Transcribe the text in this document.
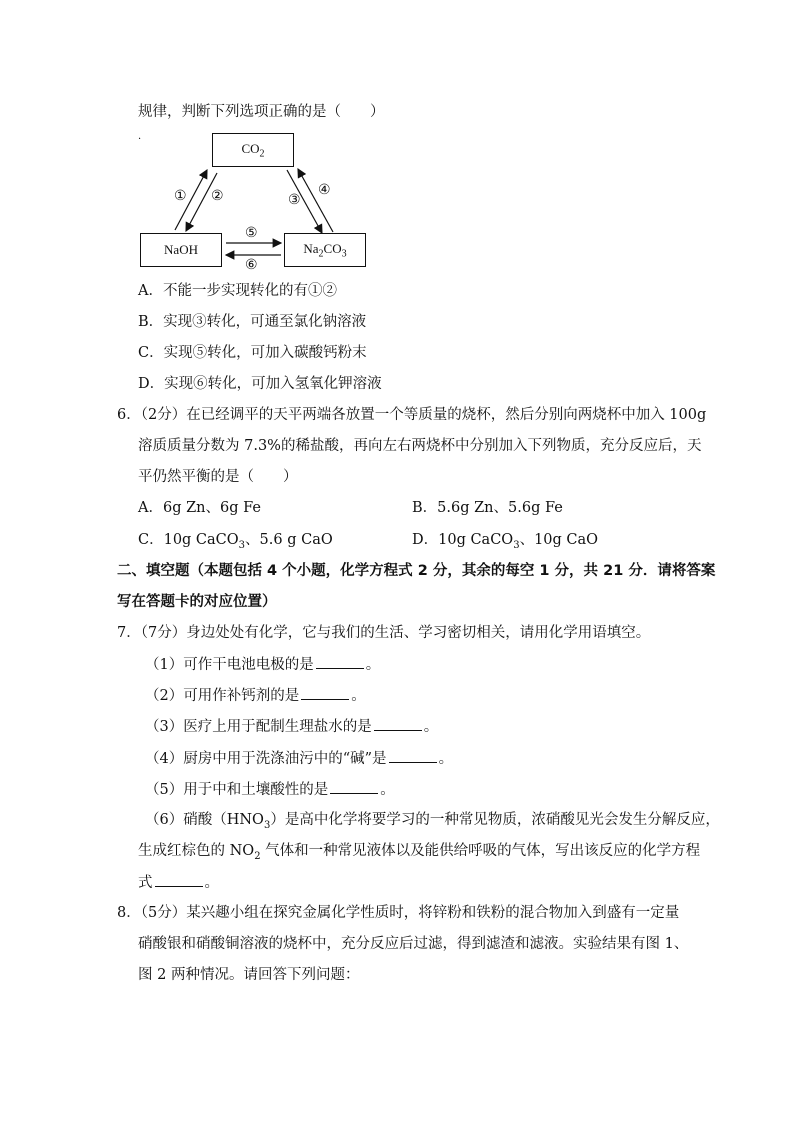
规律，判断下列选项正确的是（　　）
·
$CO_2$
NaOH	$Na_2CO_3$
① ②	③
④
⑤
⑥
A．不能一步实现转化的有①②
B．实现③转化，可通至氯化钠溶液
C．实现⑤转化，可加入碳酸钙粉末
D．实现⑥转化，可加入氢氧化钾溶液
6．（2分）在已经调平的天平两端各放置一个等质量的烧杯，然后分别向两烧杯中加入 100g
溶质质量分数为 7.3%的稀盐酸，再向左右两烧杯中分别加入下列物质，充分反应后，天
平仍然平衡的是（　　）
A．6g Zn、6g Fe	B．5.6g Zn、5.6g Fe
C．10g CaCO$_3$、5.6 g CaO	D．10g CaCO$_3$、10g CaO
二、填空题（本题包括 4 个小题，化学方程式 2 分，其余的每空 1 分，共 21 分．请将答案
写在答题卡的对应位置）
7．（7分）身边处处有化学，它与我们的生活、学习密切相关，请用化学用语填空。
（1）可作干电池电极的是	。
（2）可用作补钙剂的是	。
（3）医疗上用于配制生理盐水的是	。
（4）厨房中用于洗涤油污中的“碱”是	。
（5）用于中和土壤酸性的是	。
（6）硝酸$(HNO_3)$是高中化学将要学习的一种常见物质，浓硝酸见光会发生分解反应，
生成红棕色的 $NO_2$ 气体和一种常见液体以及能供给呼吸的气体，写出该反应的化学方程
式	。
8．（5分）某兴趣小组在探究金属化学性质时，将锌粉和铁粉的混合物加入到盛有一定量
硝酸银和硝酸铜溶液的烧杯中，充分反应后过滤，得到滤渣和滤液。实验结果有图 1、
图 2 两种情况。请回答下列问题：
